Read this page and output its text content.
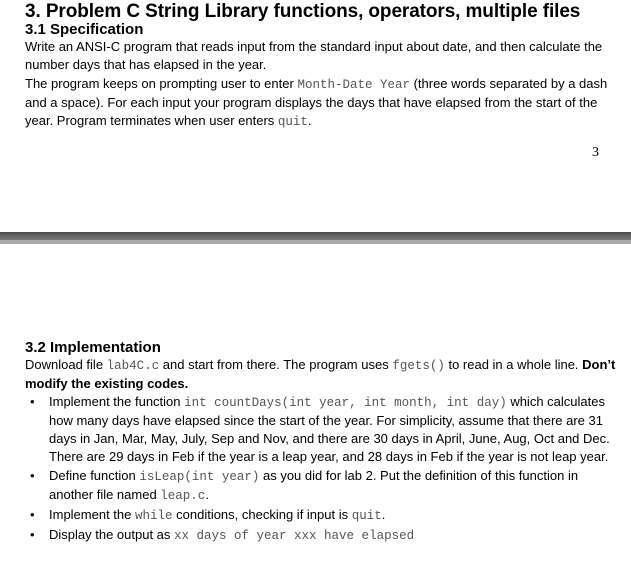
3. Problem C String Library functions, operators, multiple files
3.1 Specification

Write an ANSI-C program that reads input from the standard input about date, and then calculate the number days that has elapsed in the year.

The program keeps on prompting user to enter Month-Date Year (three words separated by a dash and a space). For each input your program displays the days that have elapsed from the start of the year. Program terminates when user enters quit.

3
3.2 Implementation

Download file lab4C.c and start from there. The program uses fgets() to read in a whole line. Don’t modify the existing codes.

• Implement the function int countDays(int year, int month, int day) which calculates how many days have elapsed since the start of the year. For simplicity, assume that there are 31 days in Jan, Mar, May, July, Sep and Nov, and there are 30 days in April, June, Aug, Oct and Dec. There are 29 days in Feb if the year is a leap year, and 28 days in Feb if the year is not leap year.
• Define function isLeap(int year) as you did for lab 2. Put the definition of this function in another file named leap.c.
• Implement the while conditions, checking if input is quit.
• Display the output as xx days of year xxx have elapsed
